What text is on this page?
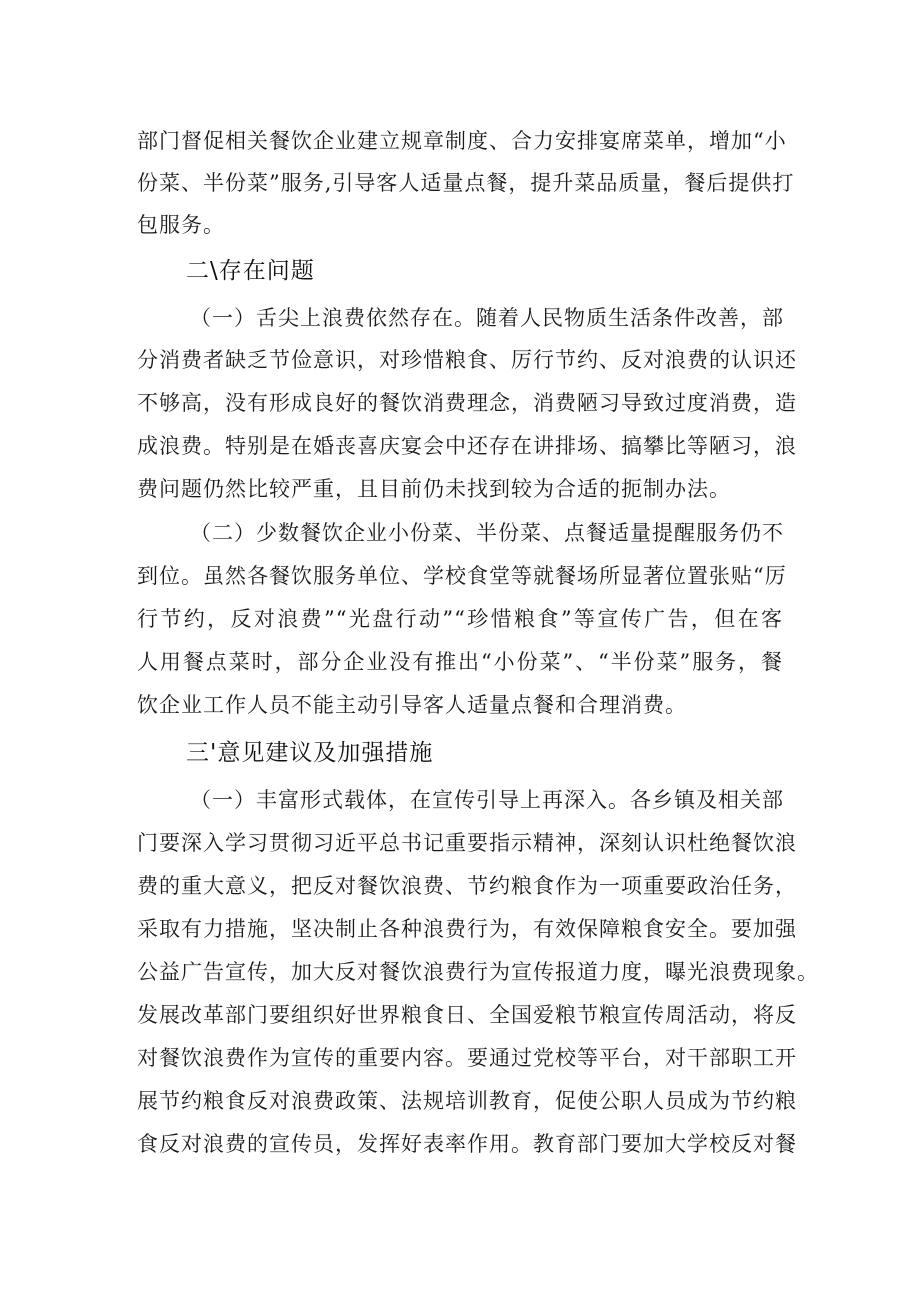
部门督促相关餐饮企业建立规章制度、合力安排宴席菜单，增加“小
份菜、半份菜”服务,引导客人适量点餐，提升菜品质量，餐后提供打
包服务。
二\存在问题
（一）舌尖上浪费依然存在。随着人民物质生活条件改善，部
分消费者缺乏节俭意识，对珍惜粮食、厉行节约、反对浪费的认识还
不够高，没有形成良好的餐饮消费理念，消费陋习导致过度消费，造
成浪费。特别是在婚丧喜庆宴会中还存在讲排场、搞攀比等陋习，浪
费问题仍然比较严重，且目前仍未找到较为合适的扼制办法。
（二）少数餐饮企业小份菜、半份菜、点餐适量提醒服务仍不
到位。虽然各餐饮服务单位、学校食堂等就餐场所显著位置张贴“厉
行节约，反对浪费”“光盘行动”“珍惜粮食”等宣传广告，但在客
人用餐点菜时，部分企业没有推出“小份菜”、“半份菜”服务，餐
饮企业工作人员不能主动引导客人适量点餐和合理消费。
三'意见建议及加强措施
（一）丰富形式载体，在宣传引导上再深入。各乡镇及相关部
门要深入学习贯彻习近平总书记重要指示精神，深刻认识杜绝餐饮浪
费的重大意义，把反对餐饮浪费、节约粮食作为一项重要政治任务，
采取有力措施，坚决制止各种浪费行为，有效保障粮食安全。要加强
公益广告宣传，加大反对餐饮浪费行为宣传报道力度，曝光浪费现象。
发展改革部门要组织好世界粮食日、全国爱粮节粮宣传周活动，将反
对餐饮浪费作为宣传的重要内容。要通过党校等平台，对干部职工开
展节约粮食反对浪费政策、法规培训教育，促使公职人员成为节约粮
食反对浪费的宣传员，发挥好表率作用。教育部门要加大学校反对餐
